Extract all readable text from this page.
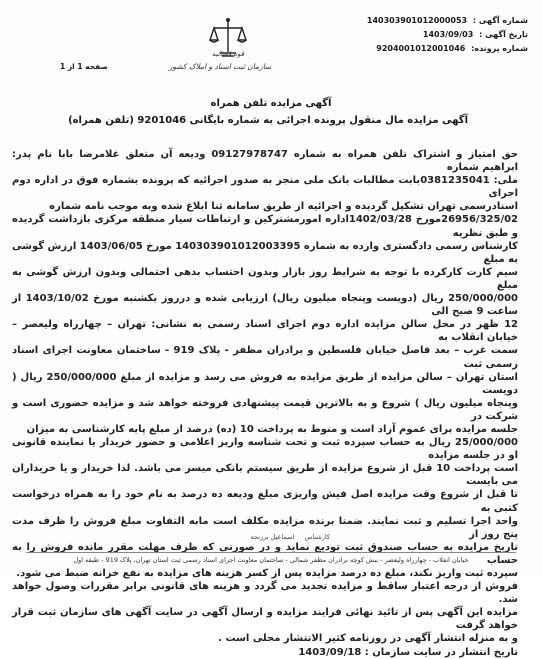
شماره آگهی : 140303901012000053
تاریخ آگهی : 1403/09/03
شماره پرونده: 9204001012001046
قوه قضائیه
سازمان ثبت اسناد و املاک کشور
صفحه 1 از 1
آگهی مزایده تلفن همراه
آگهی مزایده مال منقول پرونده اجرائی به شماره بایگانی 9201046 (تلفن همراه)

حق امتیاز و اشتراک تلفن همراه به شماره 09127978747 ودیعه آن متعلق غلامرضا بابا نام پدر: ابراهیم شماره

ملی: 0381235041بابت مطالبات بانک ملی منجر به صدور اجرائیه که پرونده بشماره فوق در اداره دوم اجرای

اسنادرسمی تهران تشکیل گردیده و اجرائیه از طریق سامانه ثنا ابلاغ شده وبه موجب نامه شماره

26956/325/02مورخ 1402/03/28اداره امورمشترکین و ارتباطات سیار منطقه مرکزی بازداشت گردیده و طبق نظریه

کارشناس رسمی دادگستری وارده به شماره 140303901012003395 مورخ 1403/06/05 ارزش گوشی به مبلغ

سیم کارت کارکرده با توجه به شرایط روز بازار وبدون احتساب بدهی احتمالی وبدون ارزش گوشی به مبلغ

250/000/000 ریال (دویست وپنجاه میلیون ریال) ارزیابی شده و درروز یکشنبه مورخ 1403/10/02 از ساعت 9 صبح الی

12 ظهر در محل سالن مزایده اداره دوم اجرای اسناد رسمی به نشانی: تهران – چهارراه ولیعصر – خیابان انقلاب به

سمت غرب – بعد فاصل خیابان فلسطین و برادران مظفر - پلاک 919 - ساختمان معاونت اجرای اسناد رسمی ثبت

استان تهران – سالن مزایده از طریق مزایده به فروش می رسد و مزایده از مبلغ 250/000/000 ریال ( دویست

وپنجاه میلیون ریال ) شروع و به بالاترین قیمت پیشنهادی فروخته خواهد شد و مزایده حضوری است و شرکت در

جلسه مزایده برای عموم آزاد است و منوط به پرداخت 10 (ده) درصد از مبلغ پایه کارشناسی به میزان

25/000/000 ریال به حساب سپرده ثبت و تحت شناسه واریز اعلامی و حضور خریدار یا نماینده قانونی او در جلسه مزایده

است پرداخت 10 قبل از شروع مزایده از طریق سیستم بانکی میسر می باشد. لذا خریدار و یا خریداران می بایست

تا قبل از شروع وقت مزایده اصل فیش واریزی مبلغ ودیعه ده درصد به نام خود را به همراه درخواست کتبی به

واحد اجرا تسلیم و ثبت نمایند. ضمنا برنده مزایده مکلف است مابه التفاوت مبلغ فروش را ظرف مدت پنج روز از

تاریخ مزایده به حساب صندوق ثبت تودیع نماید و در صورتی که ظرف مهلت مقرر مانده فروش را به حساب

سپرده ثبت واریز نکند، مبلغ ده درصد مزایده پس از کسر هزینه های مزایده به نفع خزانه ضبط می شود.

فروش از درجه اعتبار ساقط و مزایده تجدید می گردد و هزینه های قانونی برابر مقررات وصول خواهد شد.

مزایده این آگهی پس از تائید نهائی فرایند مزایده و ارسال آگهی در سایت آگهی های سازمان ثبت قرار خواهد گرفت

و به منزله انتشار آگهی در روزنامه کثیر الانتشار محلی است .

تاریخ انتشار در سایت سازمان : 1403/09/18

کارشناس اسماعیل برزنجه
خیابان انقلاب - چهارراه ولیعصر - نبش کوچه برادران مظفر شمالی - ساختمان معاونت اجرای اسناد رسمی ثبت استان تهران، پلاک 919 - طبقه اول
